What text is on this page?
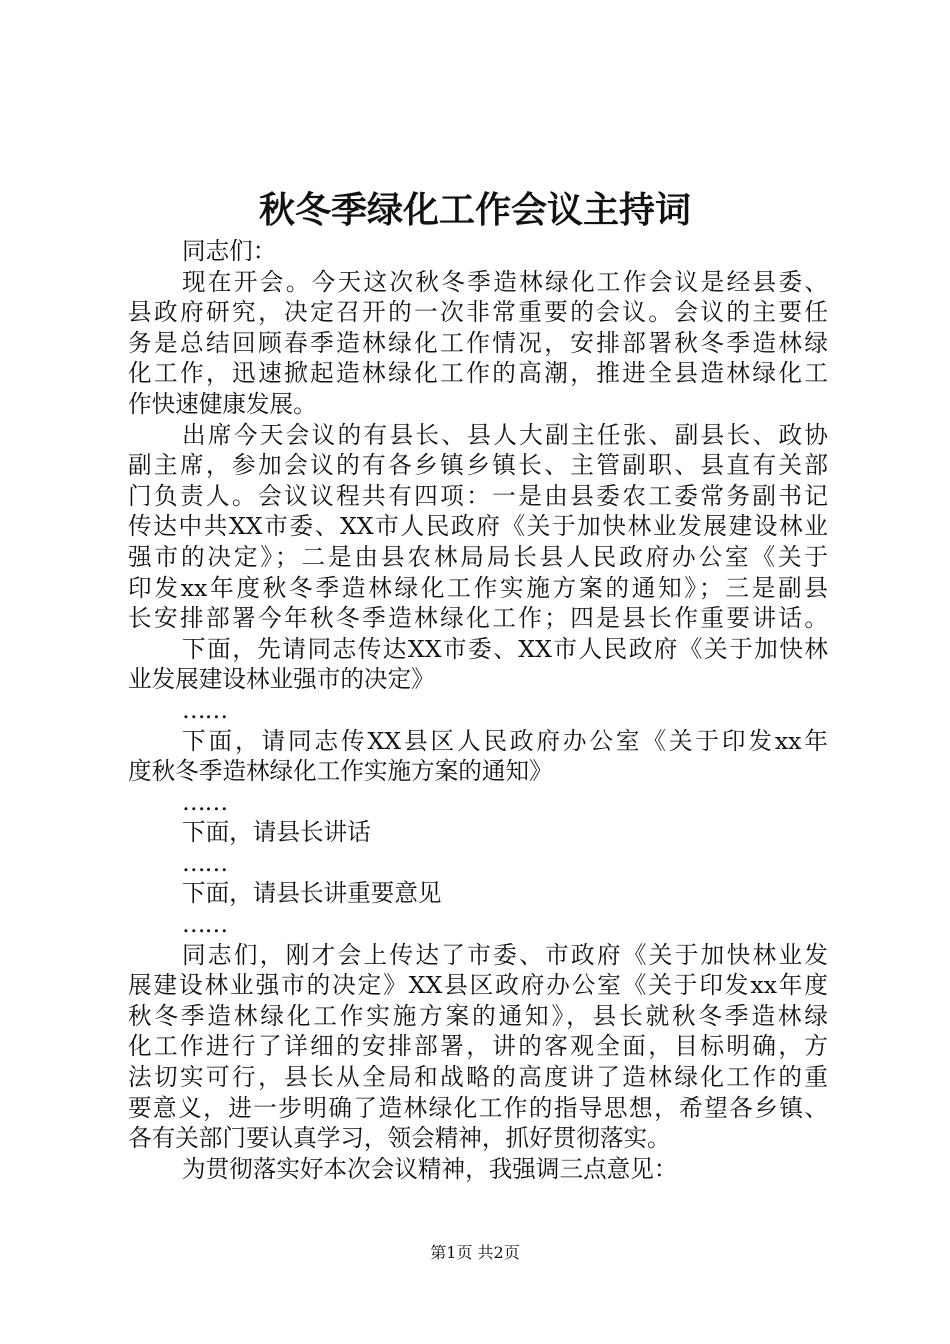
秋冬季绿化工作会议主持词
同志们：
现在开会。今天这次秋冬季造林绿化工作会议是经县委、
县政府研究，决定召开的一次非常重要的会议。会议的主要任
务是总结回顾春季造林绿化工作情况，安排部署秋冬季造林绿
化工作，迅速掀起造林绿化工作的高潮，推进全县造林绿化工
作快速健康发展。
出席今天会议的有县长、县人大副主任张、副县长、政协
副主席，参加会议的有各乡镇乡镇长、主管副职、县直有关部
门负责人。会议议程共有四项：一是由县委农工委常务副书记
传达中共XX市委、XX市人民政府《关于加快林业发展建设林业
强市的决定》；二是由县农林局局长县人民政府办公室《关于
印发xx年度秋冬季造林绿化工作实施方案的通知》；三是副县
长安排部署今年秋冬季造林绿化工作；四是县长作重要讲话。
下面，先请同志传达XX市委、XX市人民政府《关于加快林
业发展建设林业强市的决定》
……
下面，请同志传XX县区人民政府办公室《关于印发xx年
度秋冬季造林绿化工作实施方案的通知》
……
下面，请县长讲话
……
下面，请县长讲重要意见
……
同志们，刚才会上传达了市委、市政府《关于加快林业发
展建设林业强市的决定》XX县区政府办公室《关于印发xx年度
秋冬季造林绿化工作实施方案的通知》，县长就秋冬季造林绿
化工作进行了详细的安排部署，讲的客观全面，目标明确，方
法切实可行，县长从全局和战略的高度讲了造林绿化工作的重
要意义，进一步明确了造林绿化工作的指导思想，希望各乡镇、
各有关部门要认真学习，领会精神，抓好贯彻落实。
为贯彻落实好本次会议精神，我强调三点意见：
第1页 共2页
